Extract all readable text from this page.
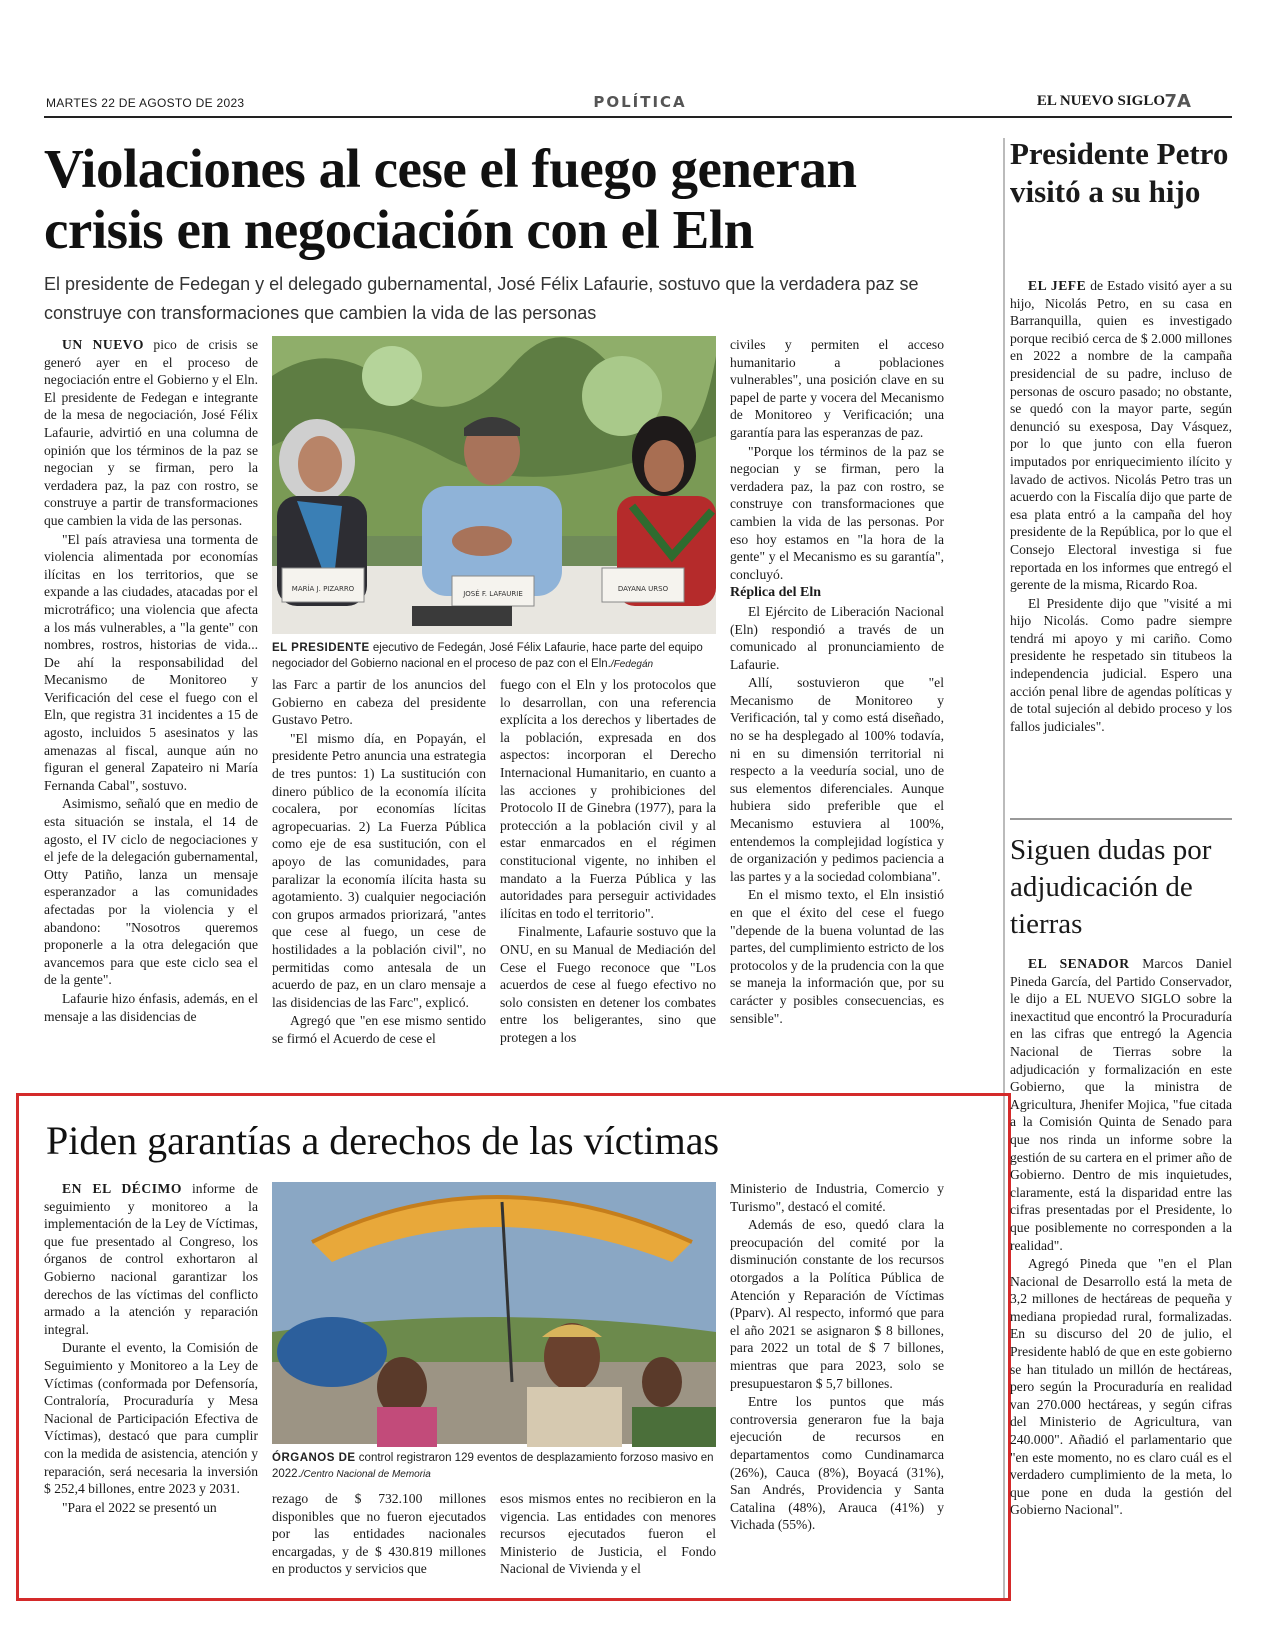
MARTES 22 DE AGOSTO DE 2023	POLÍTICA	EL NUEVO SIGLO 7A
Violaciones al cese el fuego generan crisis en negociación con el Eln
El presidente de Fedegan y el delegado gubernamental, José Félix Lafaurie, sostuvo que la verdadera paz se construye con transformaciones que cambien la vida de las personas

UN NUEVO pico de crisis se generó ayer en el proceso de negociación entre el Gobierno y el Eln. El presidente de Fedegan e integrante de la mesa de negociación, José Félix Lafaurie, advirtió en una columna de opinión que los términos de la paz se negocian y se firman, pero la verdadera paz, la paz con rostro, se construye a partir de transformaciones que cambien la vida de las personas.

"El país atraviesa una tormenta de violencia alimentada por economías ilícitas en los territorios, que se expande a las ciudades, atacadas por el microtráfico; una violencia que afecta a los más vulnerables, a "la gente" con nombres, rostros, historias de vida... De ahí la responsabilidad del Mecanismo de Monitoreo y Verificación del cese el fuego con el Eln, que registra 31 incidentes a 15 de agosto, incluidos 5 asesinatos y las amenazas al fiscal, aunque aún no figuran el general Zapateiro ni María Fernanda Cabal", sostuvo.

Asimismo, señaló que en medio de esta situación se instala, el 14 de agosto, el IV ciclo de negociaciones y el jefe de la delegación gubernamental, Otty Patiño, lanza un mensaje esperanzador a las comunidades afectadas por la violencia y el abandono: "Nosotros queremos proponerle a la otra delegación que avancemos para que este ciclo sea el de la gente".

Lafaurie hizo énfasis, además, en el mensaje a las disidencias de

MARÍA J. PIZARRO
JOSÉ F. LAFAURIE
DAYANA URSO
EL PRESIDENTE ejecutivo de Fedegán, José Félix Lafaurie, hace parte del equipo negociador del Gobierno nacional en el proceso de paz con el Eln./Fedegán

las Farc a partir de los anuncios del Gobierno en cabeza del presidente Gustavo Petro.

"El mismo día, en Popayán, el presidente Petro anuncia una estrategia de tres puntos: 1) La sustitución con dinero público de la economía ilícita cocalera, por economías lícitas agropecuarias. 2) La Fuerza Pública como eje de esa sustitución, con el apoyo de las comunidades, para paralizar la economía ilícita hasta su agotamiento. 3) cualquier negociación con grupos armados priorizará, "antes que cese al fuego, un cese de hostilidades a la población civil", no permitidas como antesala de un acuerdo de paz, en un claro mensaje a las disidencias de las Farc", explicó.

Agregó que "en ese mismo sentido se firmó el Acuerdo de cese el

fuego con el Eln y los protocolos que lo desarrollan, con una referencia explícita a los derechos y libertades de la población, expresada en dos aspectos: incorporan el Derecho Internacional Humanitario, en cuanto a las acciones y prohibiciones del Protocolo II de Ginebra (1977), para la protección a la población civil y al estar enmarcados en el régimen constitucional vigente, no inhiben el mandato a la Fuerza Pública y las autoridades para perseguir actividades ilícitas en todo el territorio".

Finalmente, Lafaurie sostuvo que la ONU, en su Manual de Mediación del Cese el Fuego reconoce que "Los acuerdos de cese al fuego efectivo no solo consisten en detener los combates entre los beligerantes, sino que protegen a los

civiles y permiten el acceso humanitario a poblaciones vulnerables", una posición clave en su papel de parte y vocera del Mecanismo de Monitoreo y Verificación; una garantía para las esperanzas de paz.

"Porque los términos de la paz se negocian y se firman, pero la verdadera paz, la paz con rostro, se construye con transformaciones que cambien la vida de las personas. Por eso hoy estamos en "la hora de la gente" y el Mecanismo es su garantía", concluyó.

Réplica del Eln

El Ejército de Liberación Nacional (Eln) respondió a través de un comunicado al pronunciamiento de Lafaurie.

Allí, sostuvieron que "el Mecanismo de Monitoreo y Verificación, tal y como está diseñado, no se ha desplegado al 100% todavía, ni en su dimensión territorial ni respecto a la veeduría social, uno de sus elementos diferenciales. Aunque hubiera sido preferible que el Mecanismo estuviera al 100%, entendemos la complejidad logística y de organización y pedimos paciencia a las partes y a la sociedad colombiana".

En el mismo texto, el Eln insistió en que el éxito del cese el fuego "depende de la buena voluntad de las partes, del cumplimiento estricto de los protocolos y de la prudencia con la que se maneja la información que, por su carácter y posibles consecuencias, es sensible".

Piden garantías a derechos de las víctimas

EN EL DÉCIMO informe de seguimiento y monitoreo a la implementación de la Ley de Víctimas, que fue presentado al Congreso, los órganos de control exhortaron al Gobierno nacional garantizar los derechos de las víctimas del conflicto armado a la atención y reparación integral.

Durante el evento, la Comisión de Seguimiento y Monitoreo a la Ley de Víctimas (conformada por Defensoría, Contraloría, Procuraduría y Mesa Nacional de Participación Efectiva de Víctimas), destacó que para cumplir con la medida de asistencia, atención y reparación, será necesaria la inversión $ 252,4 billones, entre 2023 y 2031.

"Para el 2022 se presentó un

ÓRGANOS DE control registraron 129 eventos de desplazamiento forzoso masivo en 2022./Centro Nacional de Memoria

rezago de $ 732.100 millones disponibles que no fueron ejecutados por las entidades nacionales encargadas, y de $ 430.819 millones en productos y servicios que

esos mismos entes no recibieron en la vigencia. Las entidades con menores recursos ejecutados fueron el Ministerio de Justicia, el Fondo Nacional de Vivienda y el

Ministerio de Industria, Comercio y Turismo", destacó el comité.

Además de eso, quedó clara la preocupación del comité por la disminución constante de los recursos otorgados a la Política Pública de Atención y Reparación de Víctimas (Pparv). Al respecto, informó que para el año 2021 se asignaron $ 8 billones, para 2022 un total de $ 7 billones, mientras que para 2023, solo se presupuestaron $ 5,7 billones.

Entre los puntos que más controversia generaron fue la baja ejecución de recursos en departamentos como Cundinamarca (26%), Cauca (8%), Boyacá (31%), San Andrés, Providencia y Santa Catalina (48%), Arauca (41%) y Vichada (55%).

Presidente Petro visitó a su hijo

EL JEFE de Estado visitó ayer a su hijo, Nicolás Petro, en su casa en Barranquilla, quien es investigado porque recibió cerca de $ 2.000 millones en 2022 a nombre de la campaña presidencial de su padre, incluso de personas de oscuro pasado; no obstante, se quedó con la mayor parte, según denunció su exesposa, Day Vásquez, por lo que junto con ella fueron imputados por enriquecimiento ilícito y lavado de activos. Nicolás Petro tras un acuerdo con la Fiscalía dijo que parte de esa plata entró a la campaña del hoy presidente de la República, por lo que el Consejo Electoral investiga si fue reportada en los informes que entregó el gerente de la misma, Ricardo Roa.

El Presidente dijo que "visité a mi hijo Nicolás. Como padre siempre tendrá mi apoyo y mi cariño. Como presidente he respetado sin titubeos la independencia judicial. Espero una acción penal libre de agendas políticas y de total sujeción al debido proceso y los fallos judiciales".

Siguen dudas por adjudicación de tierras

EL SENADOR Marcos Daniel Pineda García, del Partido Conservador, le dijo a EL NUEVO SIGLO sobre la inexactitud que encontró la Procuraduría en las cifras que entregó la Agencia Nacional de Tierras sobre la adjudicación y formalización en este Gobierno, que la ministra de Agricultura, Jhenifer Mojica, "fue citada a la Comisión Quinta de Senado para que nos rinda un informe sobre la gestión de su cartera en el primer año de Gobierno. Dentro de mis inquietudes, claramente, está la disparidad entre las cifras presentadas por el Presidente, lo que posiblemente no corresponden a la realidad".

Agregó Pineda que "en el Plan Nacional de Desarrollo está la meta de 3,2 millones de hectáreas de pequeña y mediana propiedad rural, formalizadas. En su discurso del 20 de julio, el Presidente habló de que en este gobierno se han titulado un millón de hectáreas, pero según la Procuraduría en realidad van 270.000 hectáreas, y según cifras del Ministerio de Agricultura, van 240.000". Añadió el parlamentario que "en este momento, no es claro cuál es el verdadero cumplimiento de la meta, lo que pone en duda la gestión del Gobierno Nacional".
